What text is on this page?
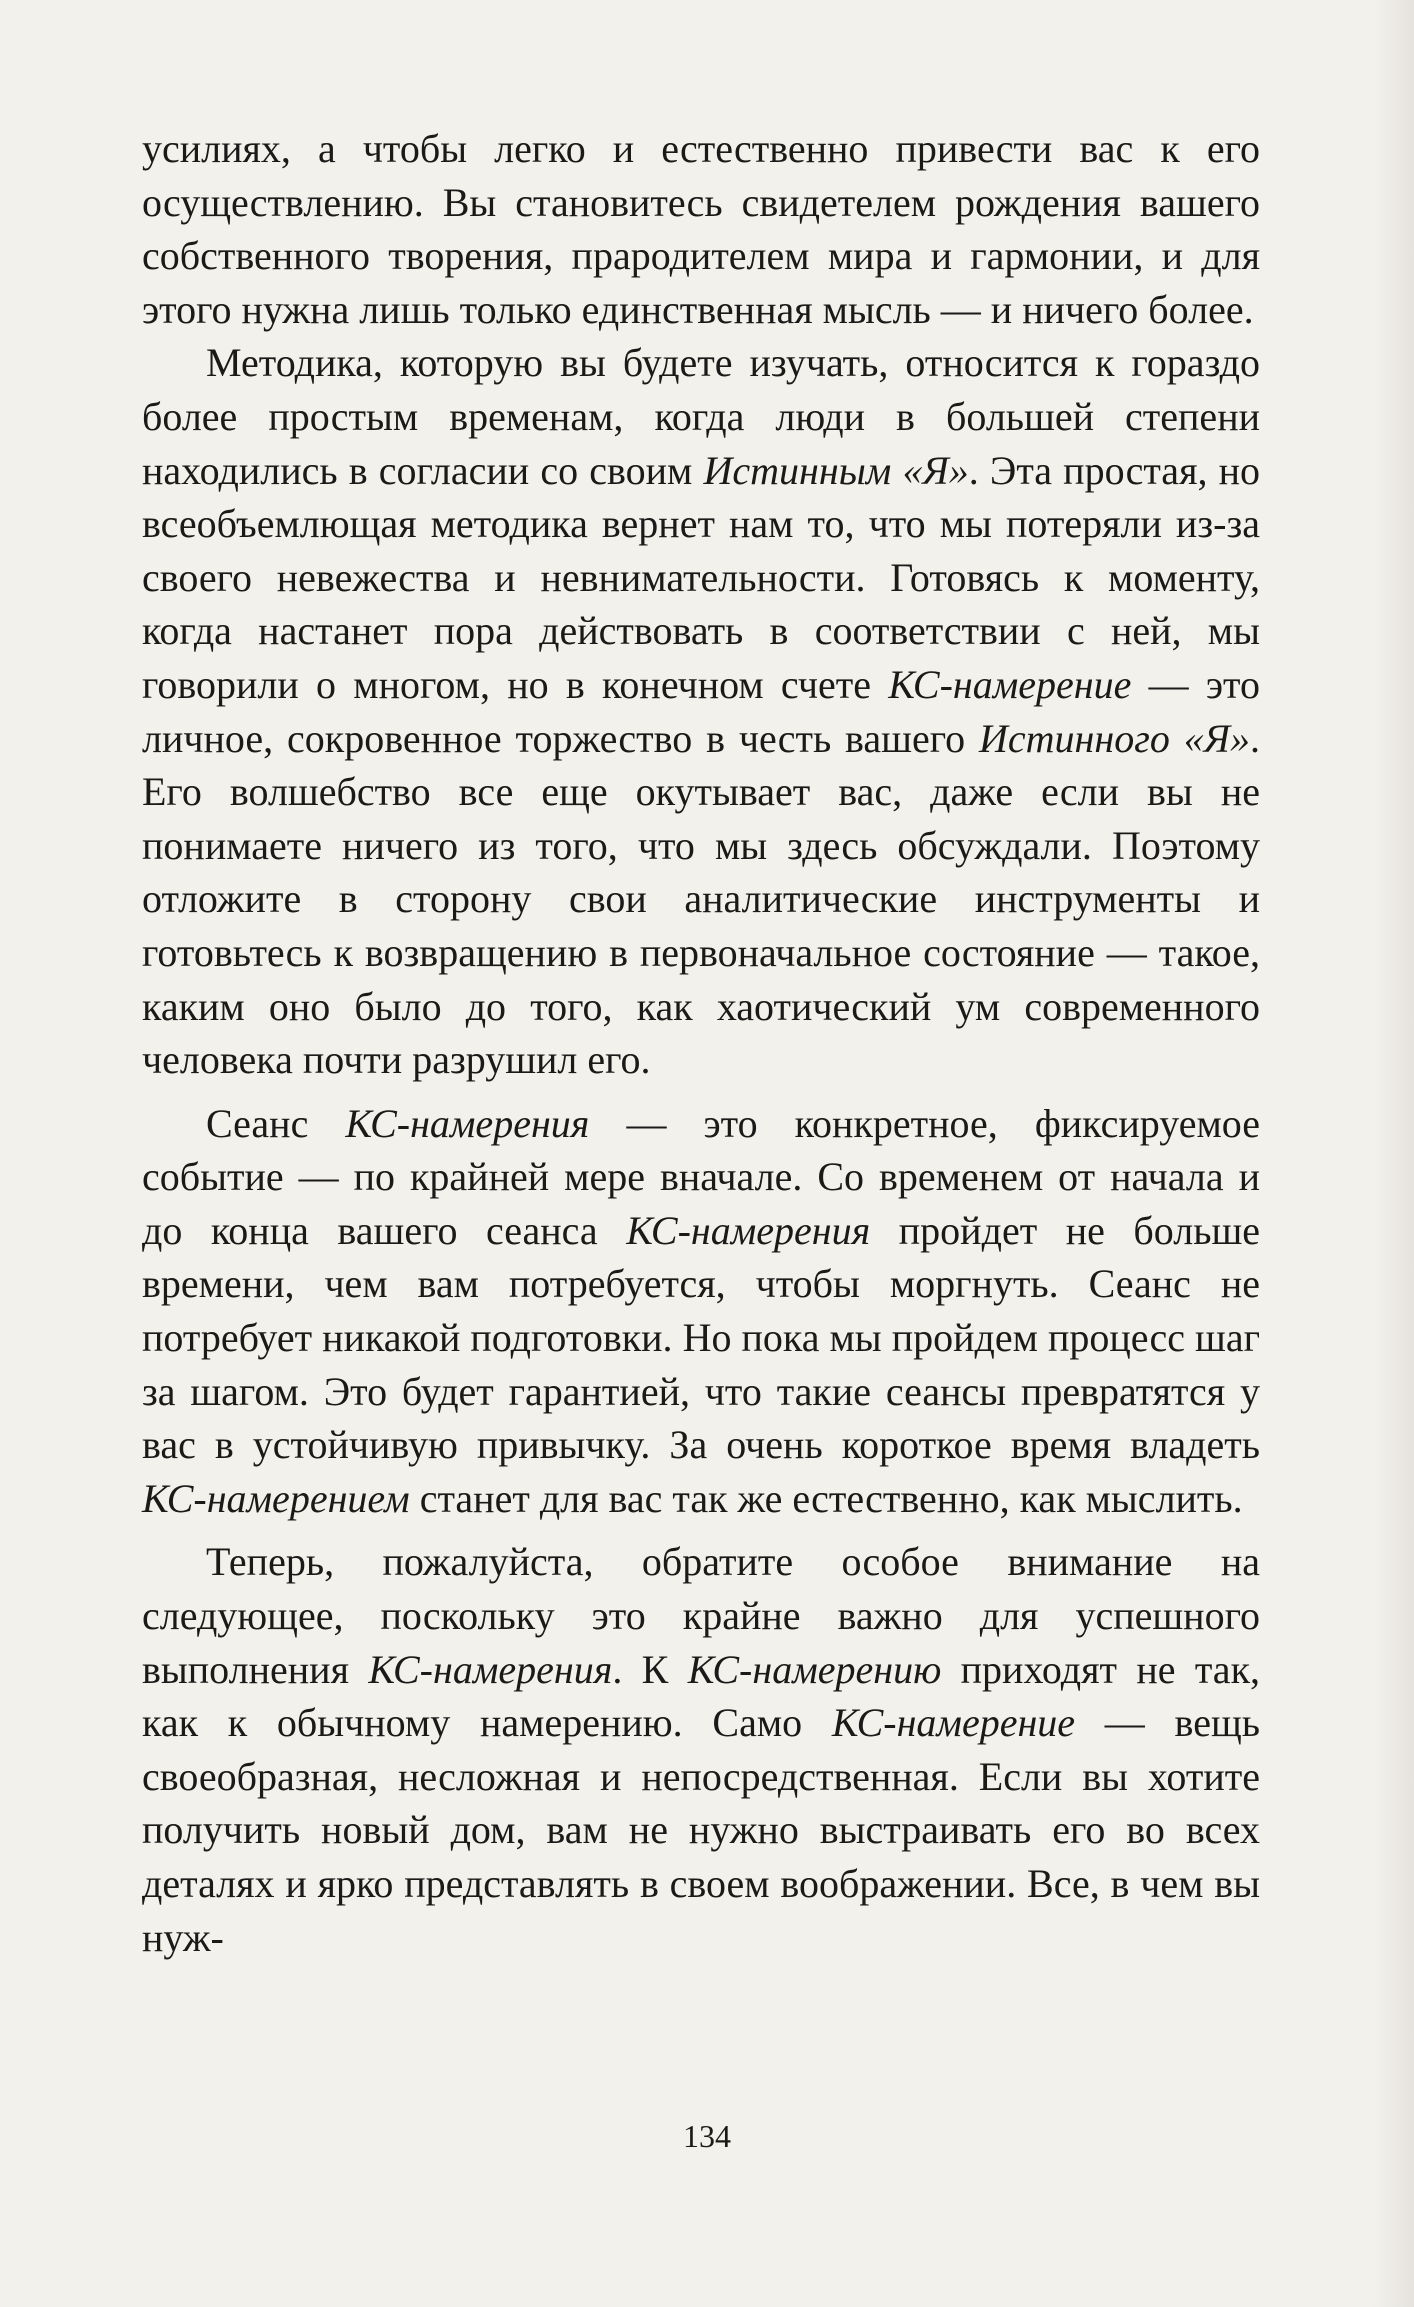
усилиях, а чтобы легко и естественно привести вас к его осуществлению. Вы становитесь свидетелем рождения вашего собственного творения, прародителем мира и гармонии, и для этого нужна лишь только единственная мысль — и ничего более.

Методика, которую вы будете изучать, относится к гораздо более простым временам, когда люди в большей степени находились в согласии со своим Истинным «Я». Эта простая, но всеобъемлющая методика вернет нам то, что мы потеряли из-за своего невежества и невнимательности. Готовясь к моменту, когда настанет пора действовать в соответствии с ней, мы говорили о многом, но в конечном счете КС-намерение — это личное, сокровенное торжество в честь вашего Истинного «Я». Его волшебство все еще окутывает вас, даже если вы не понимаете ничего из того, что мы здесь обсуждали. Поэтому отложите в сторону свои аналитические инструменты и готовьтесь к возвращению в первоначальное состояние — такое, каким оно было до того, как хаотический ум современного человека почти разрушил его.

Сеанс КС-намерения — это конкретное, фиксируемое событие — по крайней мере вначале. Со временем от начала и до конца вашего сеанса КС-намерения пройдет не больше времени, чем вам потребуется, чтобы моргнуть. Сеанс не потребует никакой подготовки. Но пока мы пройдем процесс шаг за шагом. Это будет гарантией, что такие сеансы превратятся у вас в устойчивую привычку. За очень короткое время владеть КС-намерением станет для вас так же естественно, как мыслить.

Теперь, пожалуйста, обратите особое внимание на следующее, поскольку это крайне важно для успешного выполнения КС-намерения. К КС-намерению приходят не так, как к обычному намерению. Само КС-намерение — вещь своеобразная, несложная и непосредственная. Если вы хотите получить новый дом, вам не нужно выстраивать его во всех деталях и ярко представлять в своем воображении. Все, в чем вы нуж-

134
